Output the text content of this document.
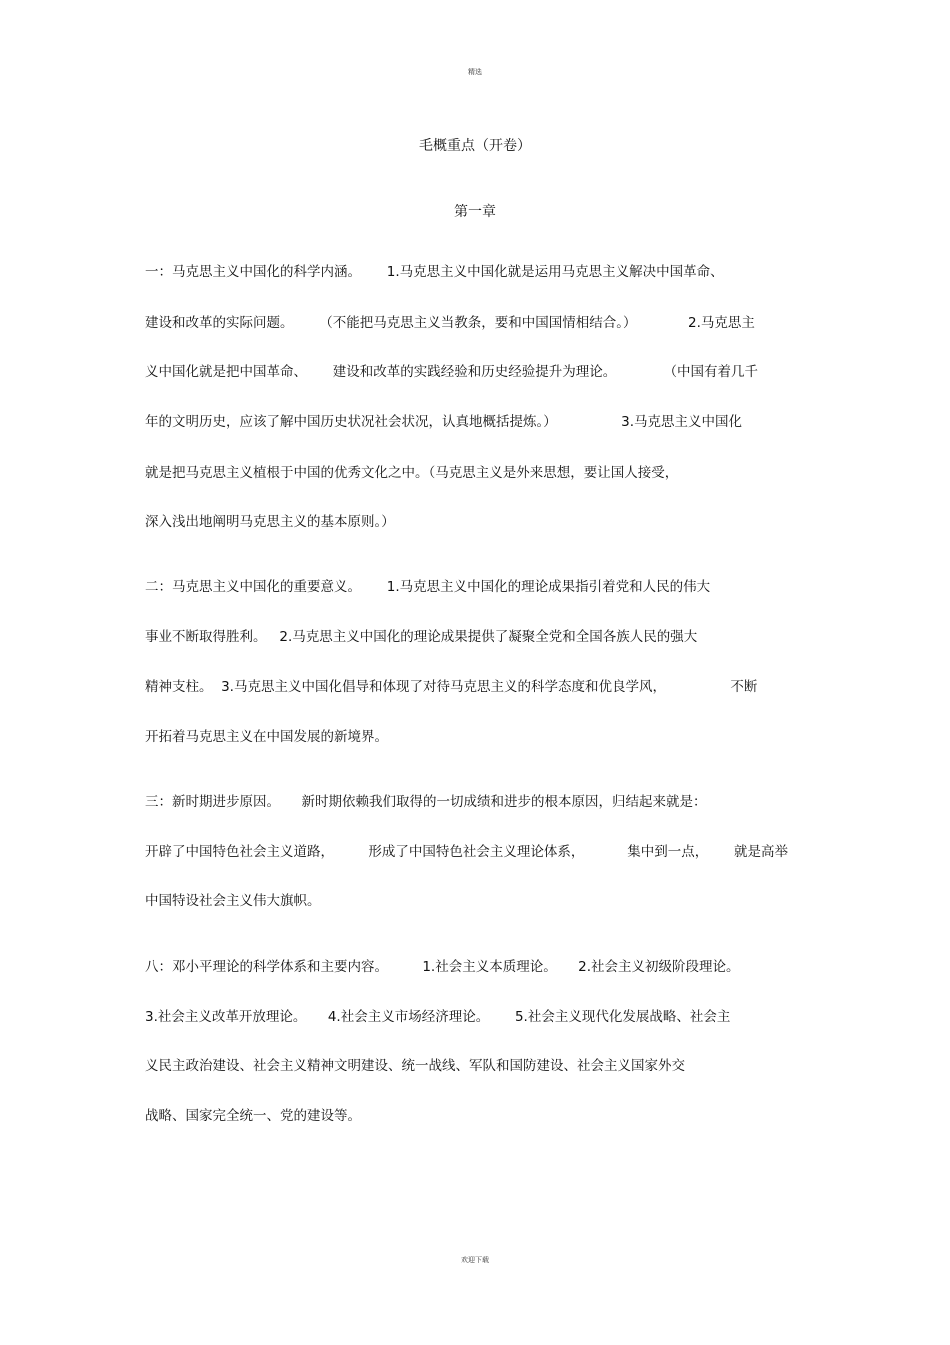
精选
毛概重点（开卷）
第一章
一：马克思主义中国化的科学内涵。      1.马克思主义中国化就是运用马克思主义解决中国革命、
建设和改革的实际问题。      （不能把马克思主义当教条，要和中国国情相结合。）            2.马克思主
义中国化就是把中国革命、      建设和改革的实践经验和历史经验提升为理论。           （中国有着几千
年的文明历史，应该了解中国历史状况社会状况，认真地概括提炼。）               3.马克思主义中国化
就是把马克思主义植根于中国的优秀文化之中。（马克思主义是外来思想，要让国人接受，
深入浅出地阐明马克思主义的基本原则。）
二：马克思主义中国化的重要意义。      1.马克思主义中国化的理论成果指引着党和人民的伟大
事业不断取得胜利。   2.马克思主义中国化的理论成果提供了凝聚全党和全国各族人民的强大
精神支柱。  3.马克思主义中国化倡导和体现了对待马克思主义的科学态度和优良学风，               不断
开拓着马克思主义在中国发展的新境界。
三：新时期进步原因。     新时期依赖我们取得的一切成绩和进步的根本原因，归结起来就是：
开辟了中国特色社会主义道路，        形成了中国特色社会主义理论体系，          集中到一点，      就是高举
中国特设社会主义伟大旗帜。
八：邓小平理论的科学体系和主要内容。        1.社会主义本质理论。     2.社会主义初级阶段理论。
3.社会主义改革开放理论。     4.社会主义市场经济理论。      5.社会主义现代化发展战略、社会主
义民主政治建设、社会主义精神文明建设、统一战线、军队和国防建设、社会主义国家外交
战略、国家完全统一、党的建设等。
欢迎下载
